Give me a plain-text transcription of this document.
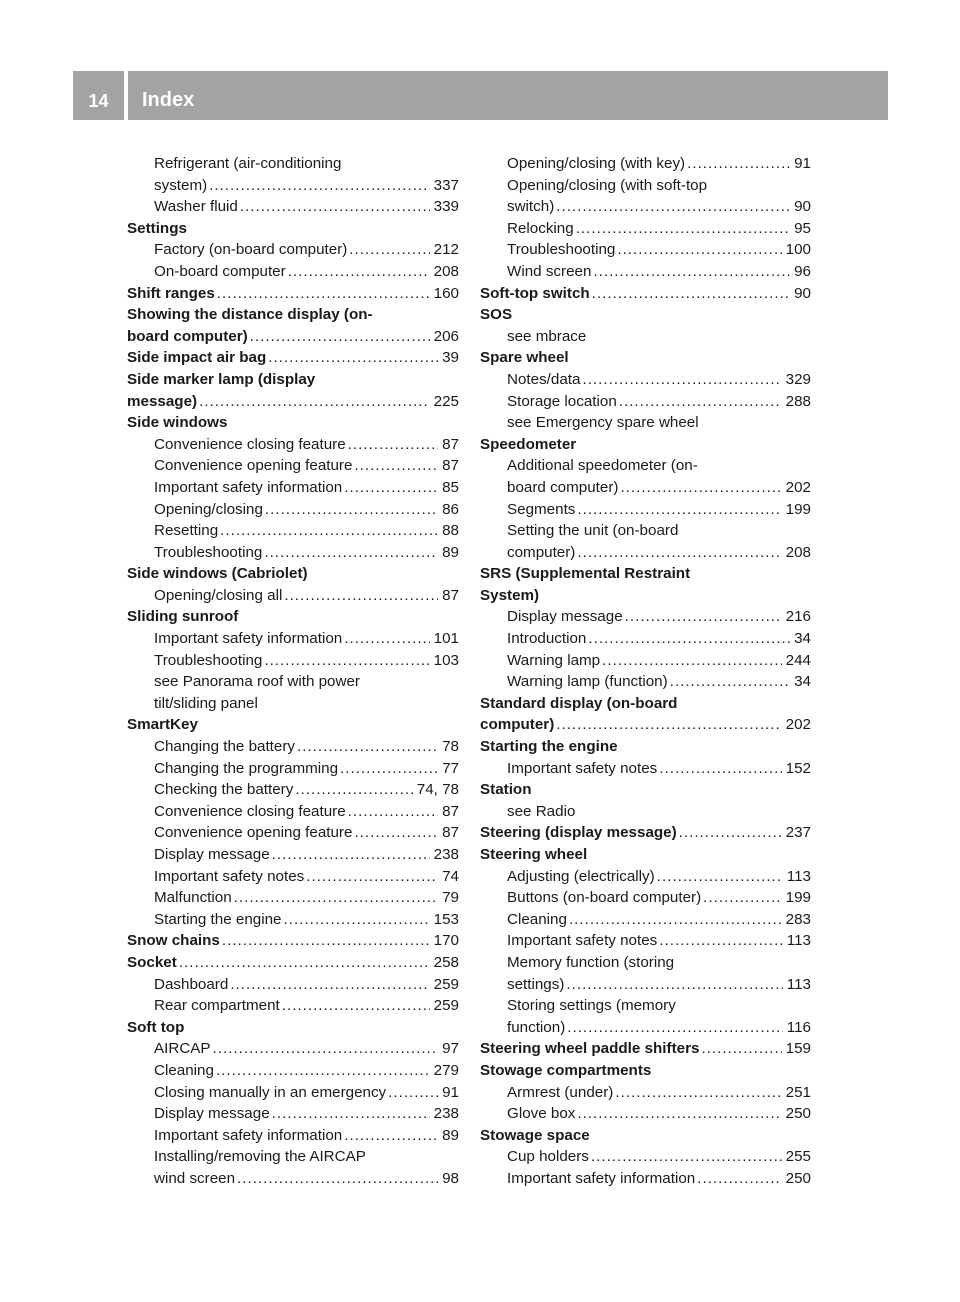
14	Index
Refrigerant (air-conditioning
system) .....	337
Washer fluid .....	339
Settings
Factory (on-board computer) .....	212
On-board computer .....	208
Shift ranges .....	160
Showing the distance display (on-
board computer) .....	206
Side impact air bag .....	39
Side marker lamp (display
message) .....	225
Side windows
Convenience closing feature .....	87
Convenience opening feature .....	87
Important safety information .....	85
Opening/closing .....	86
Resetting .....	88
Troubleshooting .....	89
Side windows (Cabriolet)
Opening/closing all .....	87
Sliding sunroof
Important safety information .....	101
Troubleshooting .....	103
see Panorama roof with power
tilt/sliding panel
SmartKey
Changing the battery .....	78
Changing the programming .....	77
Checking the battery .....	74, 78
Convenience closing feature .....	87
Convenience opening feature .....	87
Display message .....	238
Important safety notes .....	74
Malfunction .....	79
Starting the engine .....	153
Snow chains .....	170
Socket .....	258
Dashboard .....	259
Rear compartment .....	259
Soft top
AIRCAP .....	97
Cleaning .....	279
Closing manually in an emergency .....	91
Display message .....	238
Important safety information .....	89
Installing/removing the AIRCAP
wind screen .....	98
Opening/closing (with key) .....	91
Opening/closing (with soft-top
switch) .....	90
Relocking .....	95
Troubleshooting .....	100
Wind screen .....	96
Soft-top switch .....	90
SOS
see mbrace
Spare wheel
Notes/data .....	329
Storage location .....	288
see Emergency spare wheel
Speedometer
Additional speedometer (on-
board computer) .....	202
Segments .....	199
Setting the unit (on-board
computer) .....	208
SRS (Supplemental Restraint
System)
Display message .....	216
Introduction .....	34
Warning lamp .....	244
Warning lamp (function) .....	34
Standard display (on-board
computer) .....	202
Starting the engine
Important safety notes .....	152
Station
see Radio
Steering (display message) .....	237
Steering wheel
Adjusting (electrically) .....	113
Buttons (on-board computer) .....	199
Cleaning .....	283
Important safety notes .....	113
Memory function (storing
settings) .....	113
Storing settings (memory
function) .....	116
Steering wheel paddle shifters .....	159
Stowage compartments
Armrest (under) .....	251
Glove box .....	250
Stowage space
Cup holders .....	255
Important safety information .....	250
